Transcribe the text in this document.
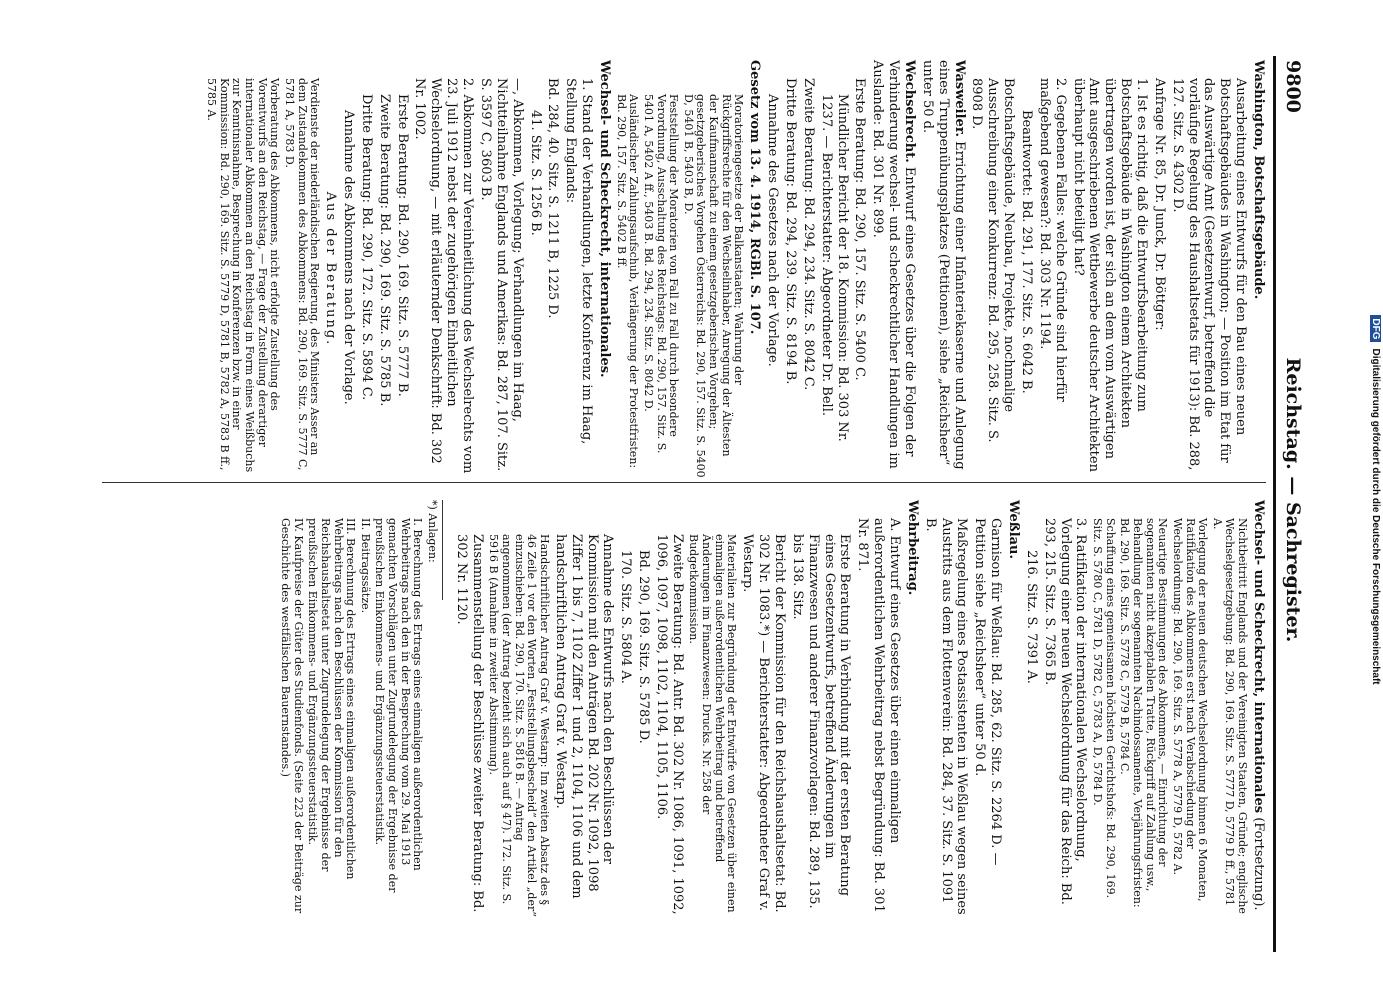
9800
Reichstag. — Sachregister.

Washington, Botschaftsgebäude.

Ausarbeitung eines Entwurfs für den Bau eines neuen Botschaftsgebäudes in Washington; — Position im Etat für das Auswärtige Amt (Gesetzentwurf, betreffend die vorläufige Regelung des Haushaltsetats für 1913): Bd. 288, 127. Sitz. S. 4302 D.

Anfrage Nr. 85, Dr. Junck, Dr. Böttger:

1. Ist es richtig, daß die Entwurfsbearbeitung zum Botschaftsgebäude in Washington einem Architekten übertragen worden ist, der sich an dem vom Auswärtigen Amt ausgeschriebenen Wettbewerbe deutscher Architekten überhaupt nicht beteiligt hat?

2. Gegebenen Falles: welche Gründe sind hierfür maßgebend gewesen?: Bd. 303 Nr. 1194.

Beantwortet: Bd. 291, 177. Sitz. S. 6042 B.

Botschaftsgebäude, Neubau, Projekte, nochmalige Ausschreibung einer Konkurrenz: Bd. 295, 258. Sitz. S. 8908 D.

Wasweiler. Errichtung einer Infanteriekaserne und Anlegung eines Truppenübungsplatzes (Petitionen), siehe „Reichsheer“ unter 50 d.

Wechselrecht. Entwurf eines Gesetzes über die Folgen der Verhinderung wechsel- und scheckrechtlicher Handlungen im Auslande: Bd. 301 Nr. 899.

Erste Beratung: Bd. 290, 157. Sitz. S. 5400 C.

Mündlicher Bericht der 18. Kommission: Bd. 303 Nr. 1237. — Berichterstatter: Abgeordneter Dr. Bell.

Zweite Beratung: Bd. 294, 234. Sitz. S. 8042 C.

Dritte Beratung: Bd. 294, 239. Sitz. S. 8194 B.

Annahme des Gesetzes nach der Vorlage.

Gesetz vom 13. 4. 1914, RGBl. S. 107.

Moratoriengesetze der Balkanstaaten; Wahrung der Rückgriffsrechte für den Wechselinhaber, Anregung der Ältesten der Kaufmannschaft zu einem gesetzgeberischen Vorgehen; gesetzgeberisches Vorgehen Österreichs: Bd. 290, 157. Sitz. S. 5400 D, 5401 B, 5403 B, D.

Feststellung der Moratorien von Fall zu Fall durch besondere Verordnung, Ausschaltung des Reichstags: Bd. 290, 157. Sitz. S. 5401 A, 5402 A ff., 5403 B. Bd. 294, 234. Sitz. S. 8042 D.

Ausländischer Zahlungsaufschub, Verlängerung der Protestfristen: Bd. 290, 157. Sitz. S. 5402 B ff.

Wechsel- und Scheckrecht, internationales.

1. Stand der Verhandlungen, letzte Konferenz im Haag, Stellung Englands:

Bd. 284, 40. Sitz. S. 1211 B, 1225 D.

41. Sitz. S. 1256 B.

—, Abkommen, Vorlegung; Verhandlungen im Haag, Nichtteilnahme Englands und Amerikas: Bd. 287, 107. Sitz. S. 3597 C, 3603 B.

2. Abkommen zur Vereinheitlichung des Wechselrechts vom 23. Juli 1912 nebst der zugehörigen Einheitlichen Wechselordnung, — mit erläuternder Denkschrift: Bd. 302 Nr. 1002.

Erste Beratung: Bd. 290, 169. Sitz. S. 5777 B.

Zweite Beratung: Bd. 290, 169. Sitz. S. 5785 B.

Dritte Beratung: Bd. 290, 172. Sitz. S. 5894 C.

Annahme des Abkommens nach der Vorlage.

Aus der Beratung.

Verdienste der niederländischen Regierung, des Ministers Asser an dem Zustandekommen des Abkommens: Bd. 290, 169. Sitz. S. 5777 C, 5781 A, 5783 D.

Vorberatung des Abkommens, nicht erfolgte Zustellung des Vorentwurfs an den Reichstag, — Frage der Zustellung derartiger internationaler Abkommen an den Reichstag in Form eines Weißbuchs zur Kenntnisnahme, Besprechung in Konferenzen bzw. in einer Kommission: Bd. 290, 169. Sitz. S. 5779 D, 5781 B, 5782 A, 5783 B ff., 5785 A.

Wechsel- und Scheckrecht, internationales (Fortsetzung).

Nichtbeitritt Englands und der Vereinigten Staaten, Gründe; englische Wechselgesetzgebung: Bd. 290, 169. Sitz. S. 5777 D, 5779 D ff., 5781 A.

Vorlegung der neuen deutschen Wechselordnung binnen 6 Monaten, Ratifikation des Abkommens erst nach Verabschiedung der Wechselordnung: Bd. 290, 169. Sitz. S. 5778 A, 5779 D, 5782 A.

Neuartige Bestimmungen des Abkommens, — Einrichtung der sogenannten nicht akzeptablen Tratte, Rückgriff auf Zahlung usw., Behandlung der sogenannten Nachindossamente, Verjährungsfristen: Bd. 290, 169. Sitz. S. 5778 C, 5779 B, 5784 C.

Schaffung eines gemeinsamen höchsten Gerichtshofs: Bd. 290, 169. Sitz. S. 5780 C, 5781 D, 5782 C, 5783 A, D, 5784 D.

3. Ratifikation der internationalen Wechselordnung, Vorlegung einer neuen Wechselordnung für das Reich: Bd. 293, 215. Sitz. S. 7365 B.

216. Sitz. S. 7391 A.

Weßlau.

Garnison für Weßlau: Bd. 285, 62. Sitz. S. 2264 D. — Petition siehe „Reichsheer“ unter 50 d.

Maßregelung eines Postassistenten in Weßlau wegen seines Austritts aus dem Flottenverein: Bd. 284, 37. Sitz. S. 1091 B.

Wehrbeitrag.

A. Entwurf eines Gesetzes über einen einmaligen außerordentlichen Wehrbeitrag nebst Begründung: Bd. 301 Nr. 871.

Erste Beratung in Verbindung mit der ersten Beratung eines Gesetzentwurfs, betreffend Änderungen im Finanzwesen und anderer Finanzvorlagen: Bd. 289, 135. bis 138. Sitz.

Bericht der Kommission für den Reichshaushaltsetat: Bd. 302 Nr. 1083.*) — Berichterstatter: Abgeordneter Graf v. Westarp.

Materialien zur Begründung der Entwürfe von Gesetzen über einen einmaligen außerordentlichen Wehrbeitrag und betreffend Änderungen im Finanzwesen: Drucks. Nr. 258 der Budgetkommission.

Zweite Beratung: Bd. Antr. Bd. 302 Nr. 1086, 1091, 1092, 1096, 1097, 1098, 1102, 1104, 1105, 1106.

Bd. 290, 169. Sitz. S. 5785 D.

170. Sitz. S. 5804 A.

Annahme des Entwurfs nach den Beschlüssen der Kommission mit den Anträgen Bd. 202 Nr. 1092, 1098 Ziffer 1 bis 7, 1102 Ziffer 1 und 2, 1104, 1106 und dem handschriftlichen Antrag Graf v. Westarp.

Handschriftlicher Antrag Graf v. Westarp: Im zweiten Absatz des § 46 Zeile 1 vor den Worten „Feststellungsbescheid“ den Artikel „der“ einzuschieben: Bd. 290, 170. Sitz. S. 5816 B. — Antrag angenommen (der Antrag bezieht sich auch auf § 47). 172. Sitz. S. 5916 B (Annahme in zweiter Abstimmung).

Zusammenstellung der Beschlüsse zweiter Beratung: Bd. 302 Nr. 1120.

*) Anlagen:

I. Berechnung des Ertrags eines einmaligen außerordentlichen Wehrbeitrags nach den in der Besprechung vom 29. Mai 1913 gemachten Vorschlägen unter Zugrundelegung der Ergebnisse der preußischen Einkommens- und Ergänzungssteuerstatistik.

II. Beitragssätze.

III. Berechnung des Ertrags eines einmaligen außerordentlichen Wehrbeitrags nach den Beschlüssen der Kommission für den Reichshaushaltsetat unter Zugrundelegung der Ergebnisse der preußischen Einkommens- und Ergänzungssteuerstatistik.

IV. Kaufpreise der Güter des Studienfonds. (Seite 223 der Beiträge zur Geschichte des westfälischen Bauernstandes.)

DFGDigitalisierung gefördert durch die Deutsche Forschungsgemeinschaft
